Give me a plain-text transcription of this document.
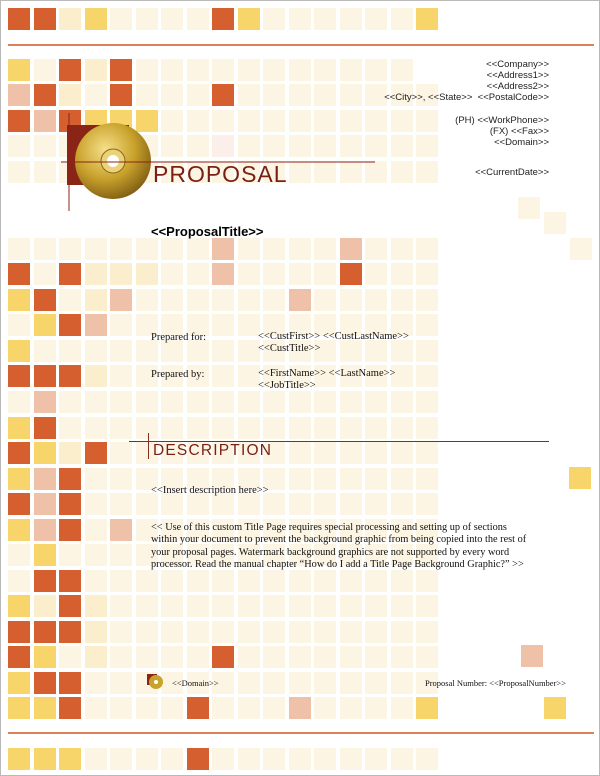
PROPOSAL
<<Company>>
<<Address1>>
<<Address2>>
<<City>>, <<State>>  <<PostalCode>>
(PH) <<WorkPhone>>
(FX) <<Fax>>
<<Domain>>
<<CurrentDate>>
<<ProposalTitle>>
Prepared for:	<<CustFirst>> <<CustLastName>>
<<CustTitle>>
Prepared by:	<<FirstName>> <<LastName>>
<<JobTitle>>
DESCRIPTION
<<Insert description here>>
<< Use of this custom Title Page requires special processing and setting up of sections within your document to prevent the background graphic from being copied into the rest of your proposal pages. Watermark background graphics are not supported by every word processor. Read the manual chapter “How do I add a Title Page Background Graphic?” >>
<<Domain>>	Proposal Number: <<ProposalNumber>>
